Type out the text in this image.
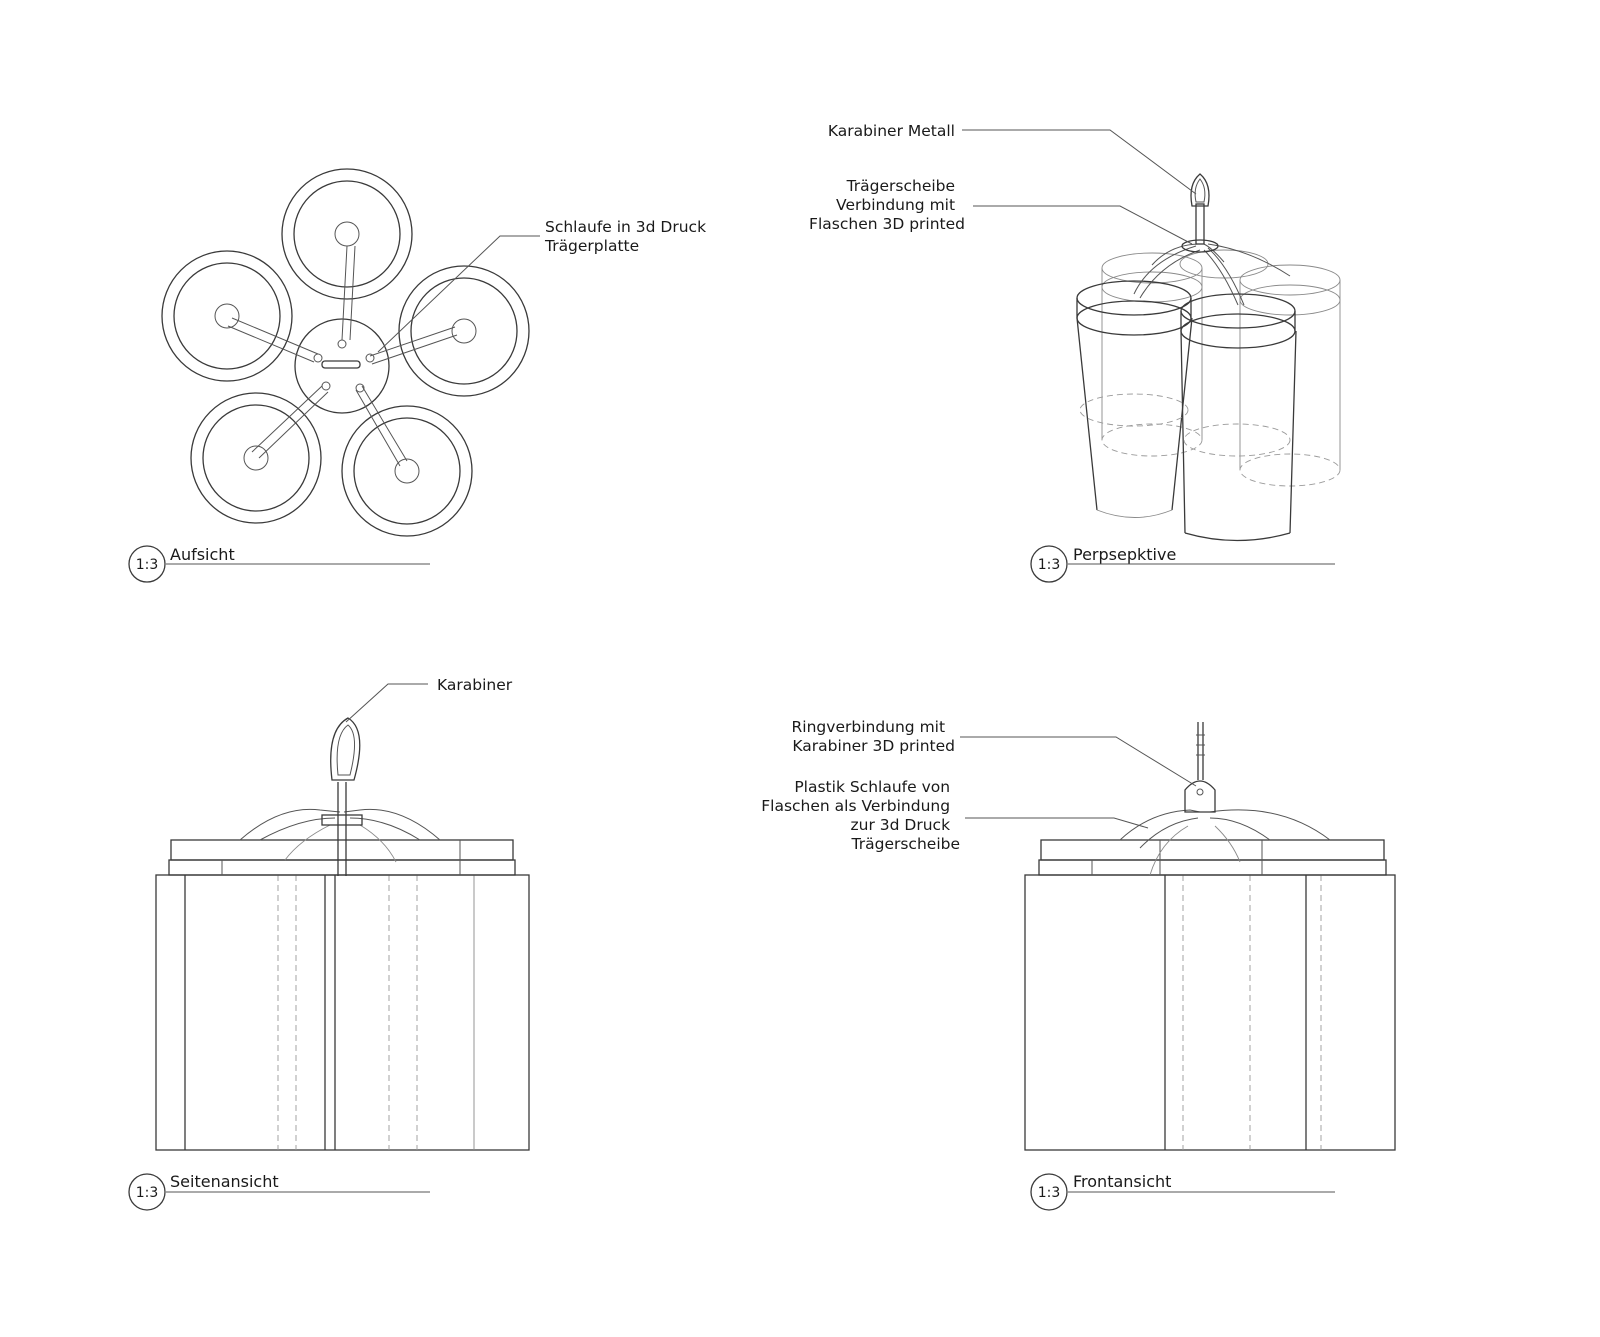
Schlaufe in 3d Druck Trägerplatte
1:3
Aufsicht
Karabiner Metall
Trägerscheibe Verbindung mit Flaschen 3D printed
1:3
Perpsepktive
Karabiner
1:3
Seitenansicht
Ringverbindung mit Karabiner 3D printed
Plastik Schlaufe von Flaschen als Verbindung zur 3d Druck Trägerscheibe
1:3
Frontansicht
